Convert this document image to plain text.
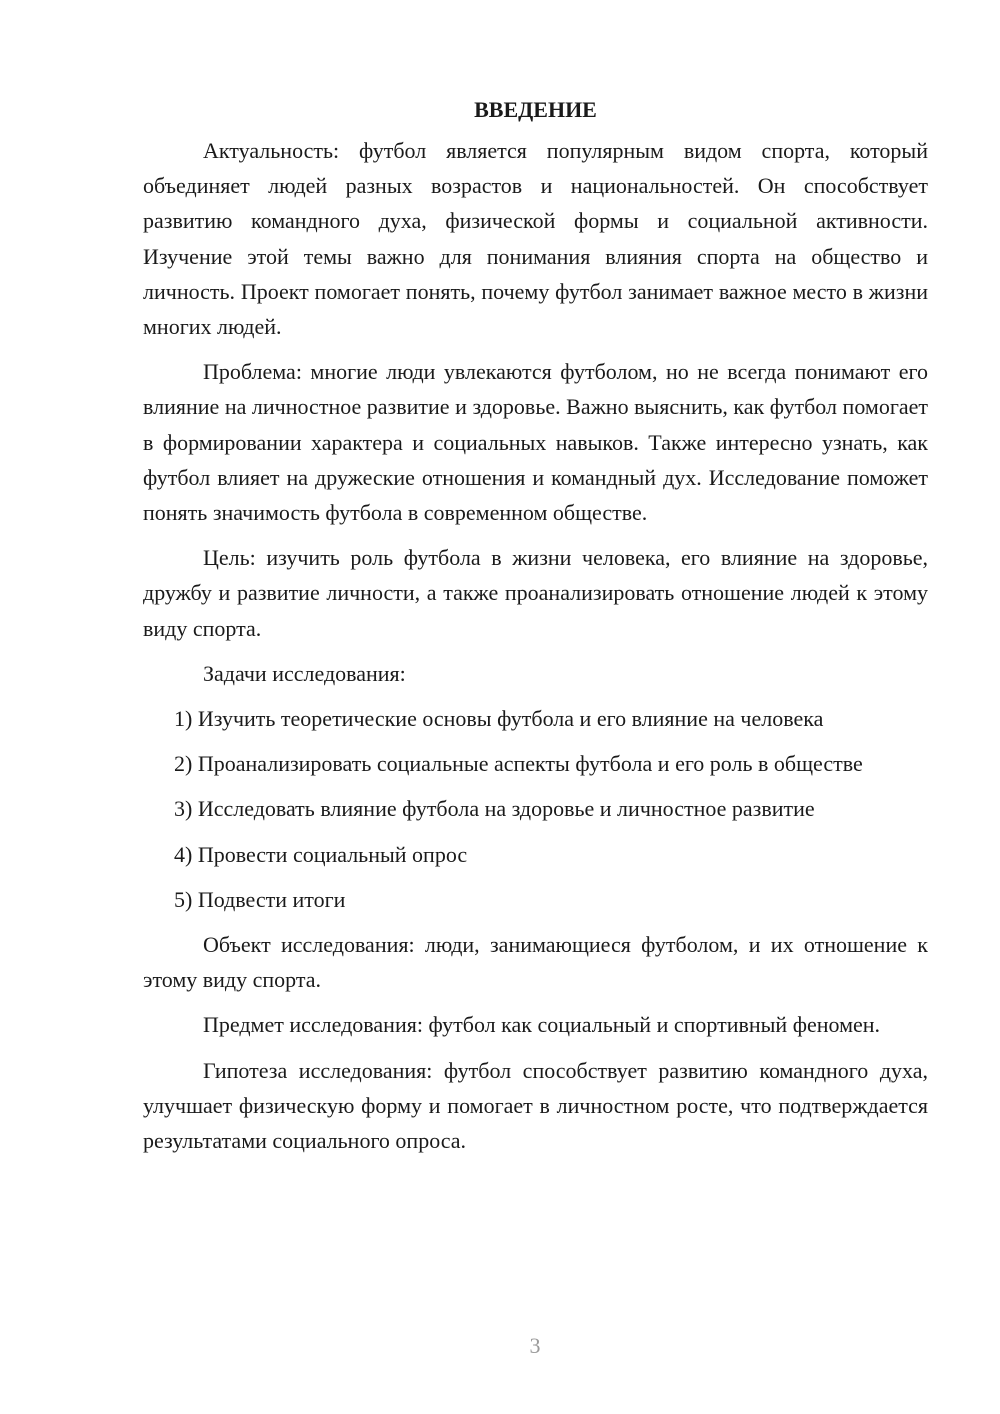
ВВЕДЕНИЕ

Актуальность: футбол является популярным видом спорта, который объединяет людей разных возрастов и национальностей. Он способствует развитию командного духа, физической формы и социальной активности. Изучение этой темы важно для понимания влияния спорта на общество и личность. Проект помогает понять, почему футбол занимает важное место в жизни многих людей.

Проблема: многие люди увлекаются футболом, но не всегда понимают его влияние на личностное развитие и здоровье. Важно выяснить, как футбол помогает в формировании характера и социальных навыков. Также интересно узнать, как футбол влияет на дружеские отношения и командный дух. Исследование поможет понять значимость футбола в современном обществе.

Цель: изучить роль футбола в жизни человека, его влияние на здоровье, дружбу и развитие личности, а также проанализировать отношение людей к этому виду спорта.

Задачи исследования:

1) Изучить теоретические основы футбола и его влияние на человека

2) Проанализировать социальные аспекты футбола и его роль в обществе

3) Исследовать влияние футбола на здоровье и личностное развитие

4) Провести социальный опрос

5) Подвести итоги

Объект исследования: люди, занимающиеся футболом, и их отношение к этому виду спорта.

Предмет исследования: футбол как социальный и спортивный феномен.

Гипотеза исследования: футбол способствует развитию командного духа, улучшает физическую форму и помогает в личностном росте, что подтверждается результатами социального опроса.

3
